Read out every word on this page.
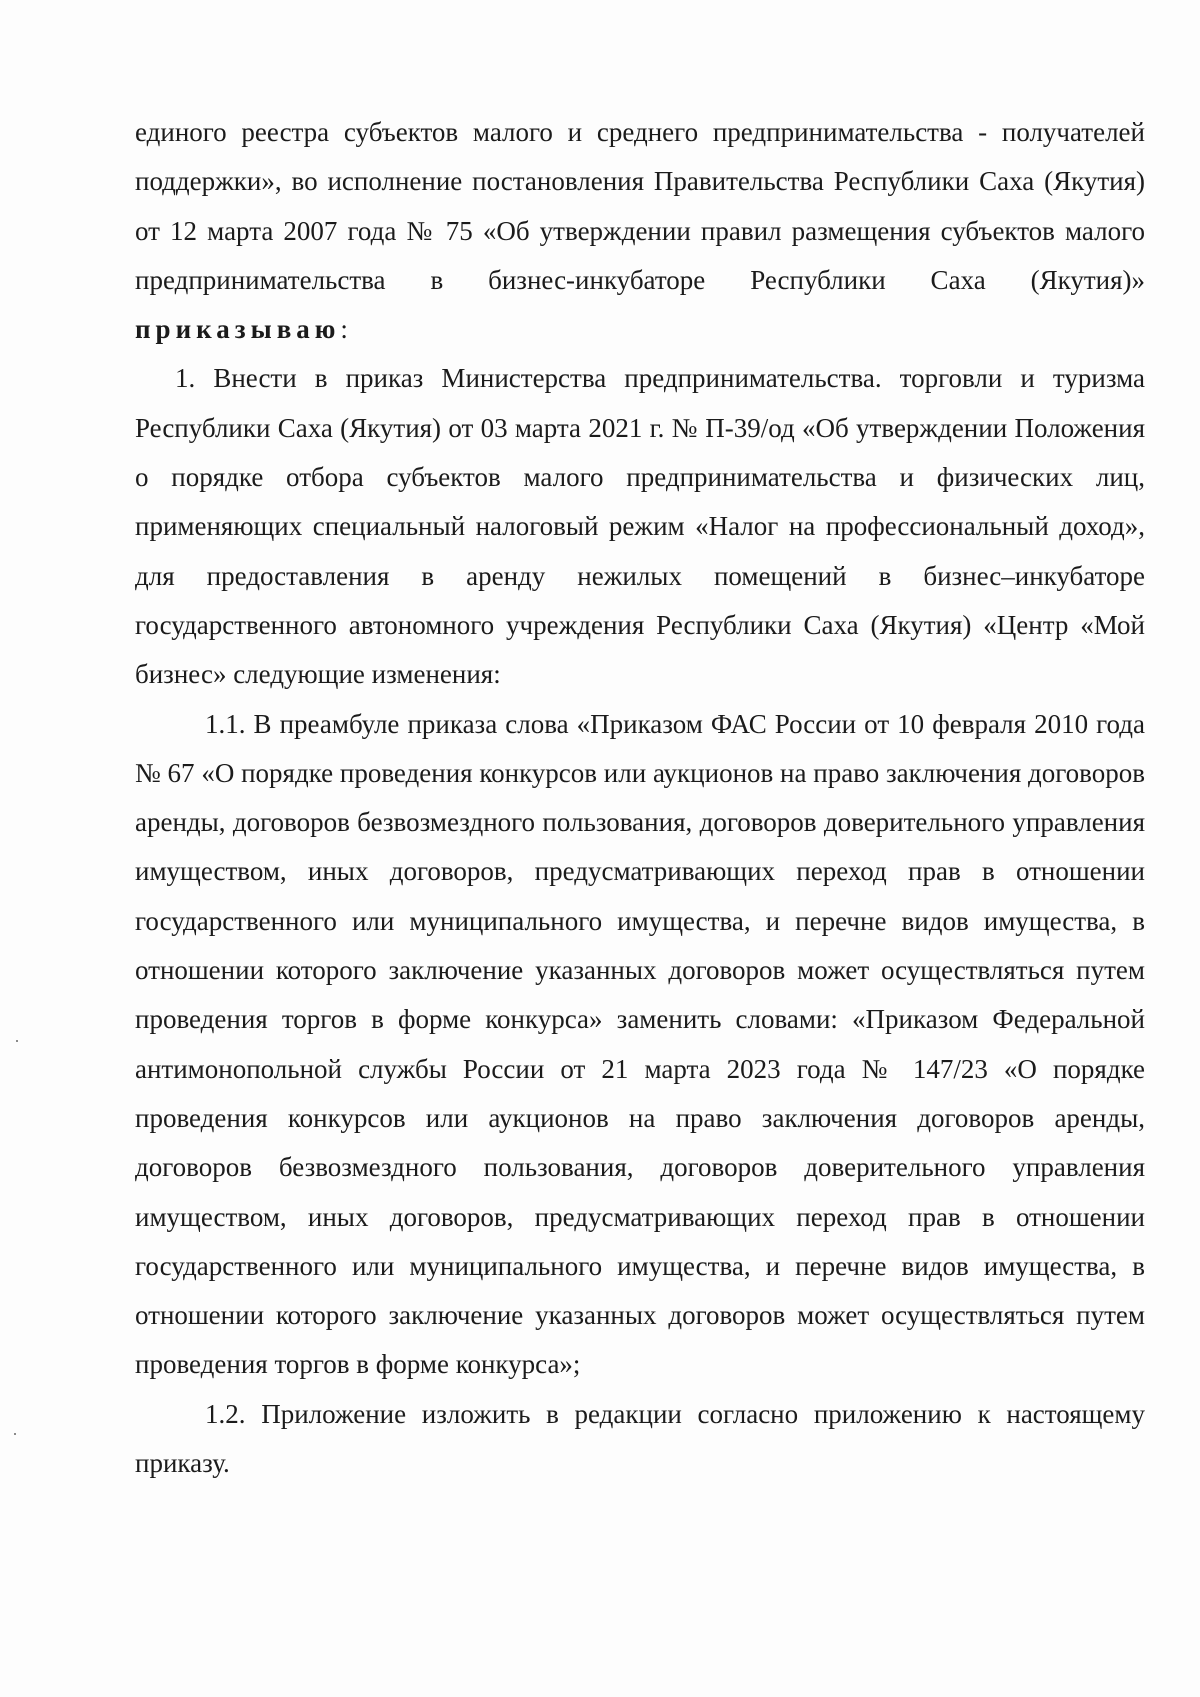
единого реестра субъектов малого и среднего предпринимательства - получателей поддержки», во исполнение постановления Правительства Республики Саха (Якутия) от 12 марта 2007 года № 75 «Об утверждении правил размещения субъектов малого предпринимательства в бизнес-инкубаторе Республики Саха (Якутия)» приказываю:

1. Внести в приказ Министерства предпринимательства. торговли и туризма Республики Саха (Якутия) от 03 марта 2021 г. № П-39/од «Об утверждении Положения о порядке отбора субъектов малого предпринимательства и физических лиц, применяющих специальный налоговый режим «Налог на профессиональный доход», для предоставления в аренду нежилых помещений в бизнес–инкубаторе государственного автономного учреждения Республики Саха (Якутия) «Центр «Мой бизнес» следующие изменения:

1.1. В преамбуле приказа слова «Приказом ФАС России от 10 февраля 2010 года № 67 «О порядке проведения конкурсов или аукционов на право заключения договоров аренды, договоров безвозмездного пользования, договоров доверительного управления имуществом, иных договоров, предусматривающих переход прав в отношении государственного или муниципального имущества, и перечне видов имущества, в отношении которого заключение указанных договоров может осуществляться путем проведения торгов в форме конкурса» заменить словами: «Приказом Федеральной антимонопольной службы России от 21 марта 2023 года № 147/23 «О порядке проведения конкурсов или аукционов на право заключения договоров аренды, договоров безвозмездного пользования, договоров доверительного управления имуществом, иных договоров, предусматривающих переход прав в отношении государственного или муниципального имущества, и перечне видов имущества, в отношении которого заключение указанных договоров может осуществляться путем проведения торгов в форме конкурса»;

1.2. Приложение изложить в редакции согласно приложению к настоящему приказу.
